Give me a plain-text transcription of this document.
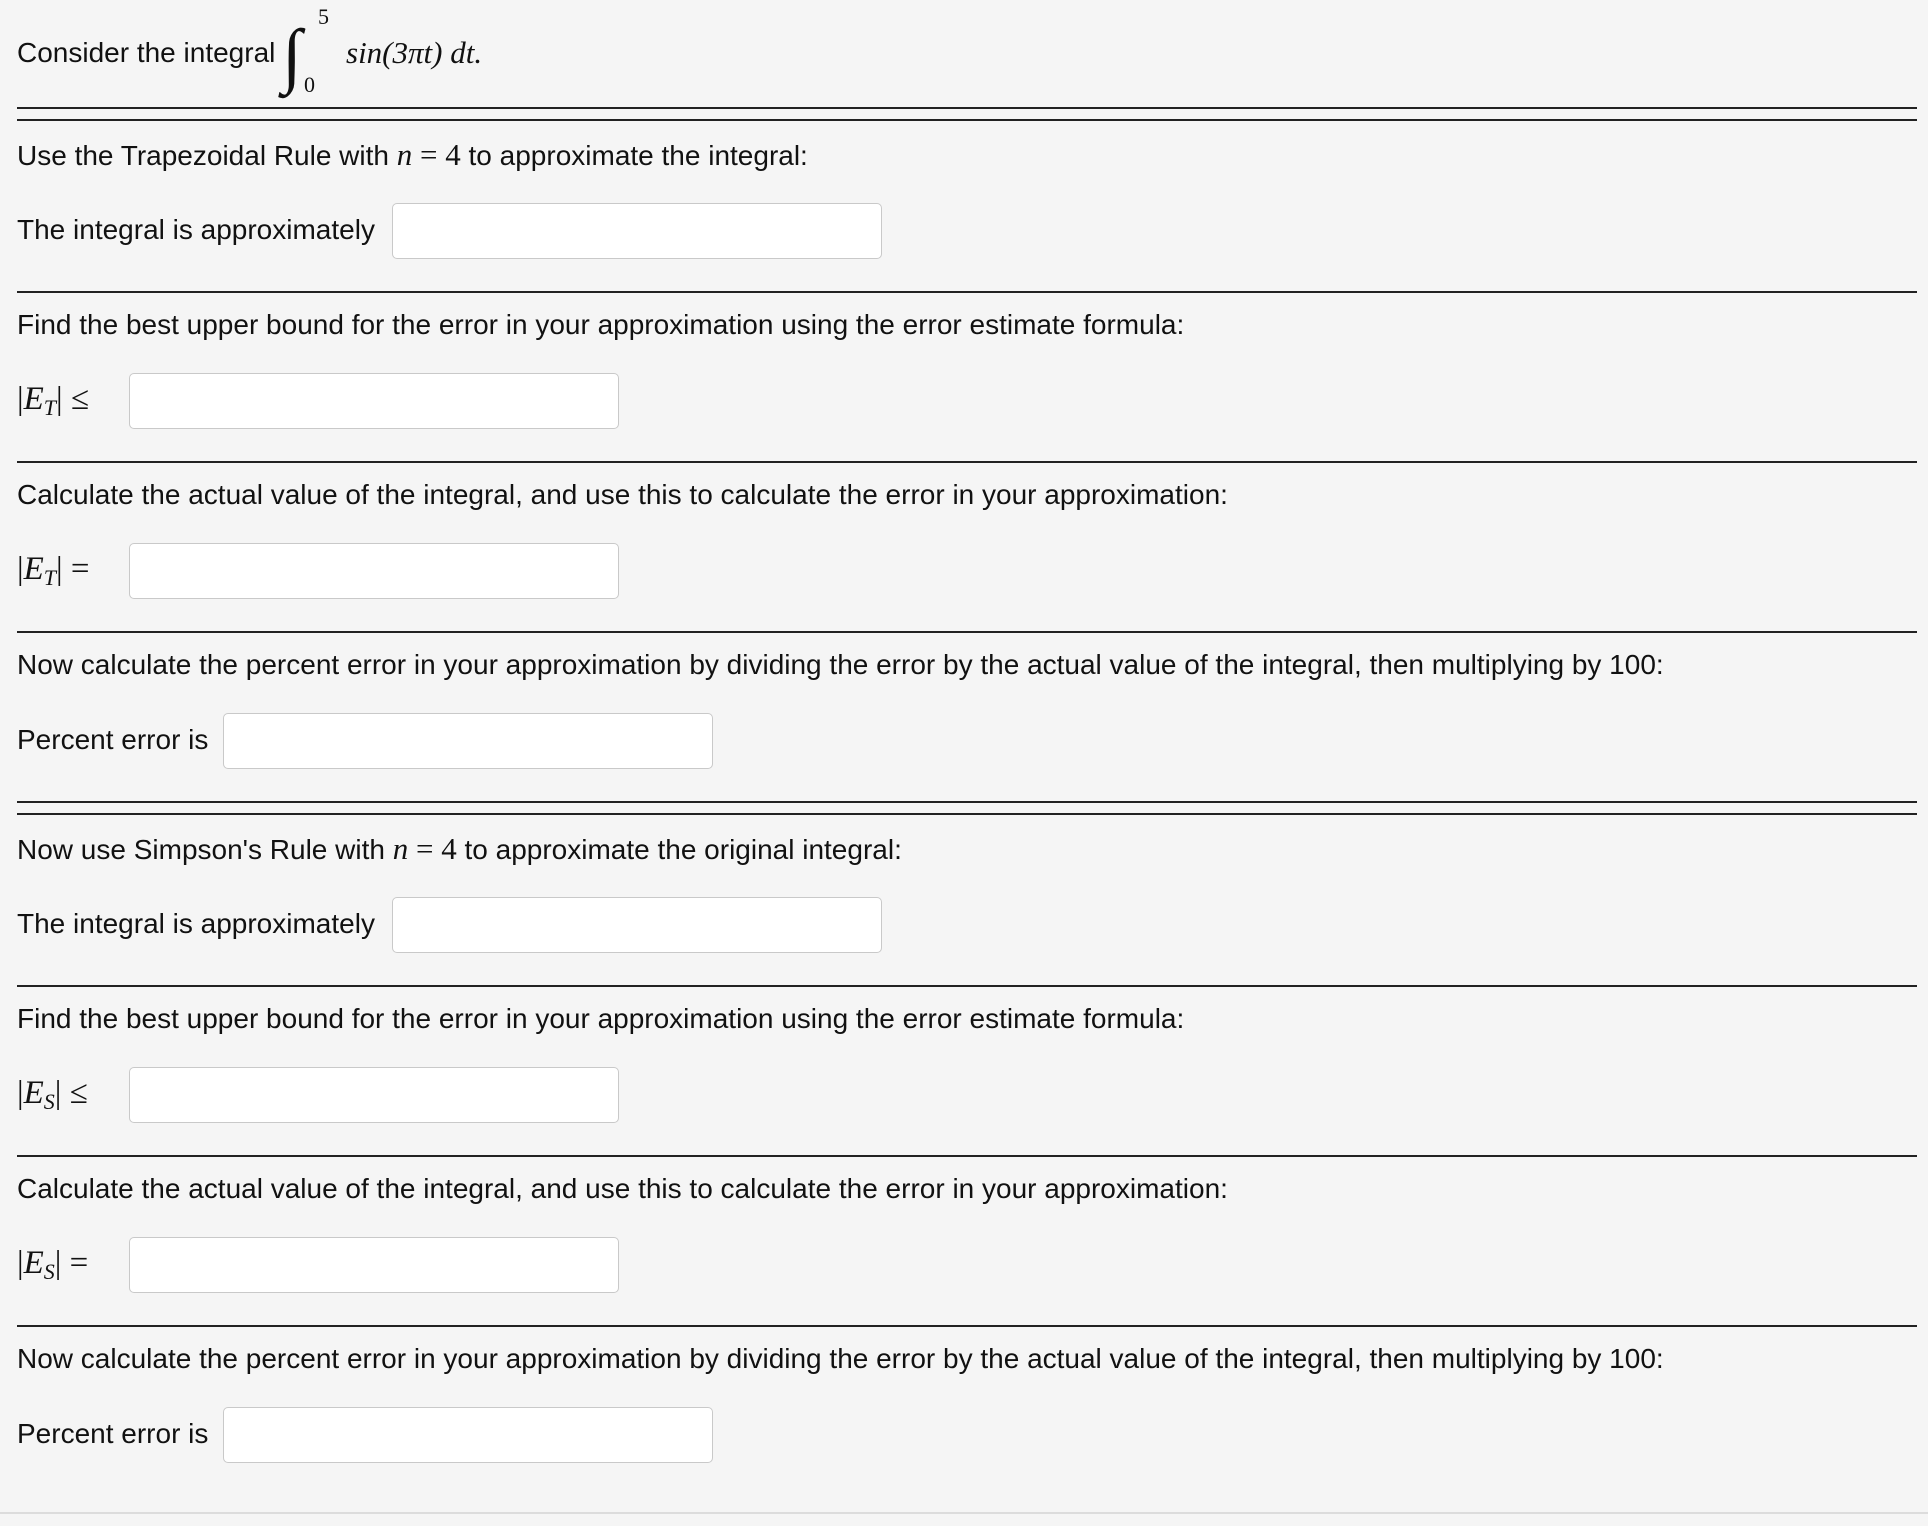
Consider the integral ∫ 5
0
sin(3πt) dt.
Use the Trapezoidal Rule with n = 4 to approximate the integral:
The integral is approximately
Find the best upper bound for the error in your approximation using the error estimate formula:
$|E_T|$ ≤
Calculate the actual value of the integral, and use this to calculate the error in your approximation:
$|E_T|$ =
Now calculate the percent error in your approximation by dividing the error by the actual value of the integral, then multiplying by 100:
Percent error is
Now use Simpson's Rule with n = 4 to approximate the original integral:
The integral is approximately
Find the best upper bound for the error in your approximation using the error estimate formula:
$|E_S|$ ≤
Calculate the actual value of the integral, and use this to calculate the error in your approximation:
$|E_S|$ =
Now calculate the percent error in your approximation by dividing the error by the actual value of the integral, then multiplying by 100:
Percent error is
